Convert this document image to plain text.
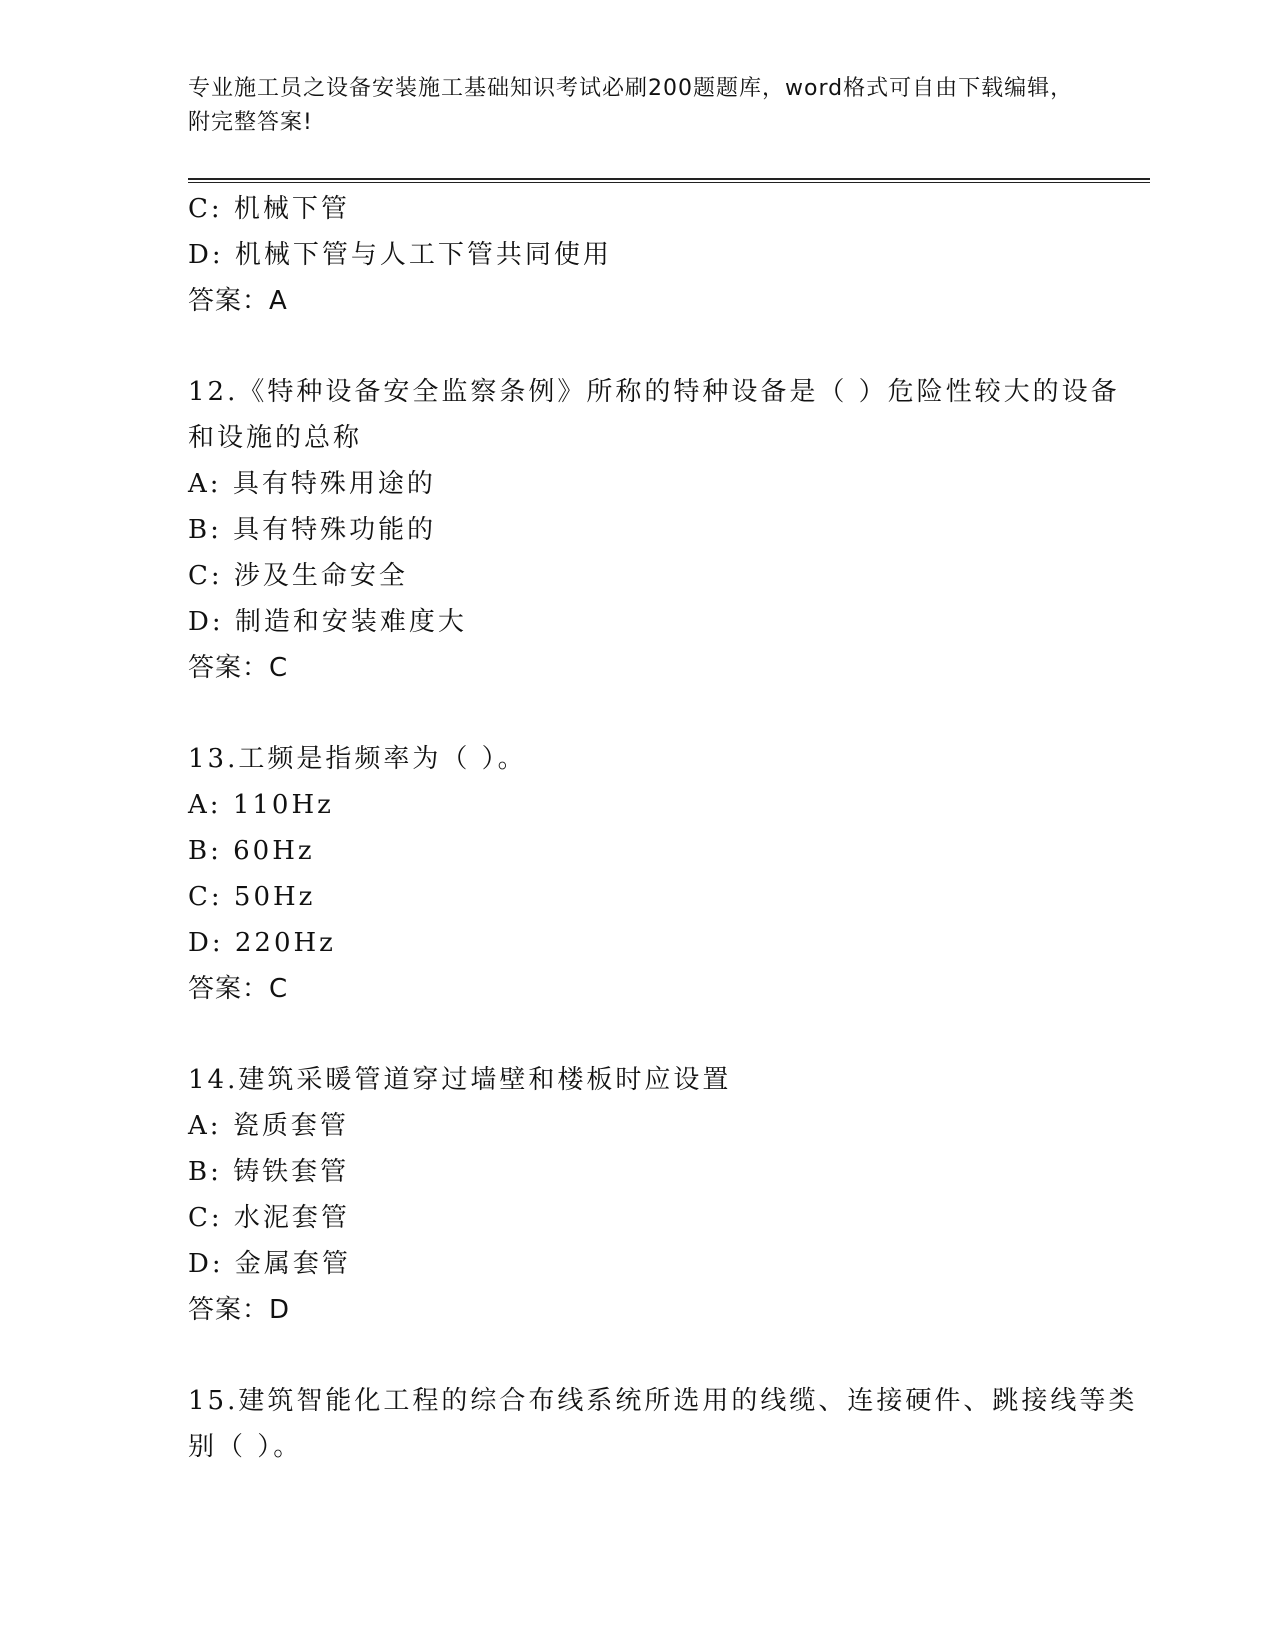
专业施工员之设备安装施工基础知识考试必刷200题题库，word格式可自由下载编辑，附完整答案!
C: 机械下管
D: 机械下管与人工下管共同使用
答案：A
12.《特种设备安全监察条例》所称的特种设备是（ ）危险性较大的设备和设施的总称
A: 具有特殊用途的
B: 具有特殊功能的
C: 涉及生命安全
D: 制造和安装难度大
答案：C
13.工频是指频率为（ ）。
A: 110Hz
B: 60Hz
C: 50Hz
D: 220Hz
答案：C
14.建筑采暖管道穿过墙壁和楼板时应设置
A: 瓷质套管
B: 铸铁套管
C: 水泥套管
D: 金属套管
答案：D
15.建筑智能化工程的综合布线系统所选用的线缆、连接硬件、跳接线等类别（ ）。
